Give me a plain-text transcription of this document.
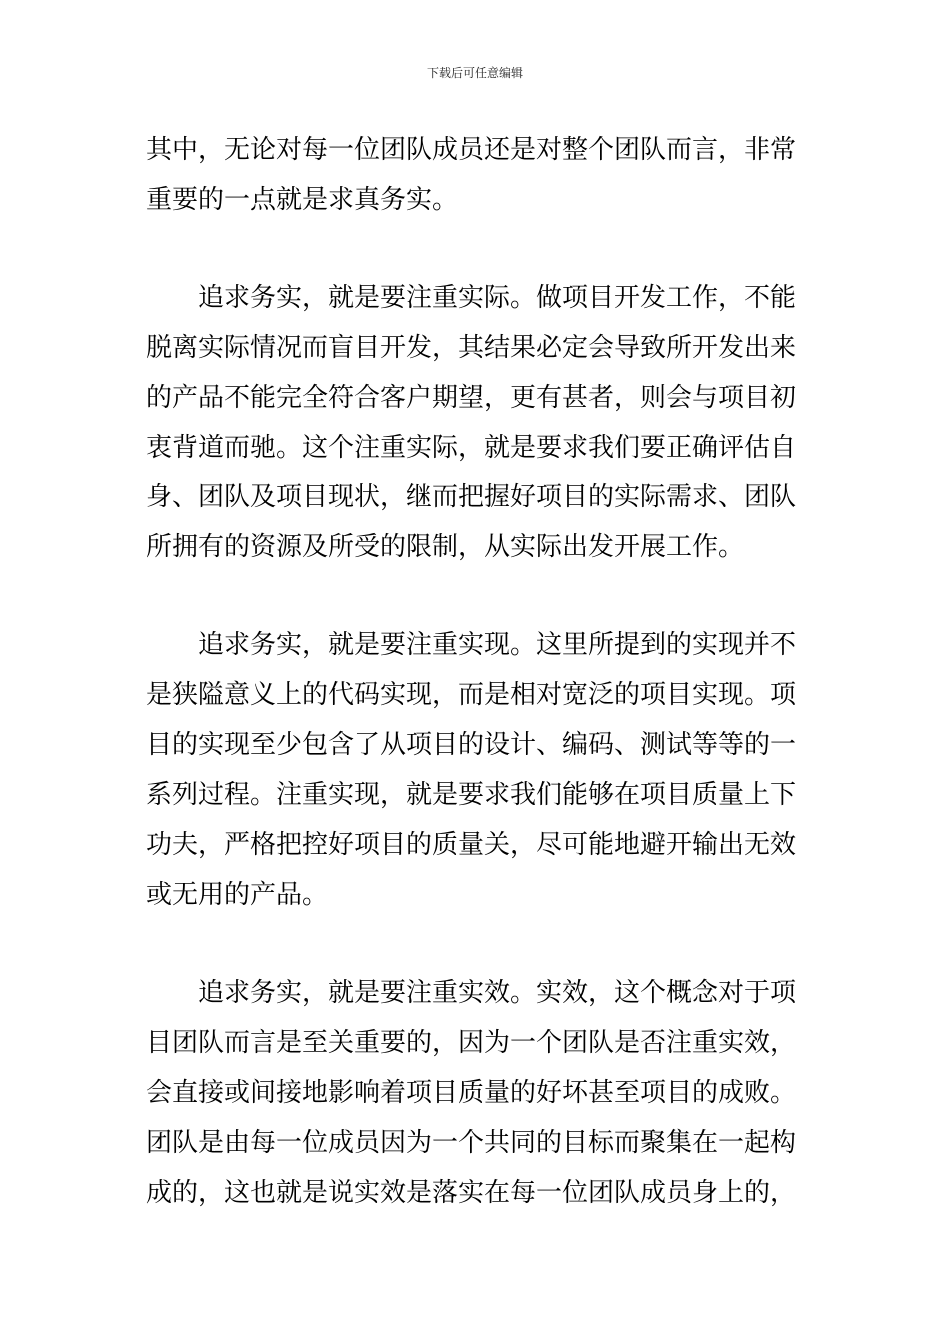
下载后可任意编辑
其中，无论对每一位团队成员还是对整个团队而言，非常
重要的一点就是求真务实。
追求务实，就是要注重实际。做项目开发工作，不能
脱离实际情况而盲目开发，其结果必定会导致所开发出来
的产品不能完全符合客户期望，更有甚者，则会与项目初
衷背道而驰。这个注重实际，就是要求我们要正确评估自
身、团队及项目现状，继而把握好项目的实际需求、团队
所拥有的资源及所受的限制，从实际出发开展工作。
追求务实，就是要注重实现。这里所提到的实现并不
是狭隘意义上的代码实现，而是相对宽泛的项目实现。项
目的实现至少包含了从项目的设计、编码、测试等等的一
系列过程。注重实现，就是要求我们能够在项目质量上下
功夫，严格把控好项目的质量关，尽可能地避开输出无效
或无用的产品。
追求务实，就是要注重实效。实效，这个概念对于项
目团队而言是至关重要的，因为一个团队是否注重实效，
会直接或间接地影响着项目质量的好坏甚至项目的成败。
团队是由每一位成员因为一个共同的目标而聚集在一起构
成的，这也就是说实效是落实在每一位团队成员身上的，
